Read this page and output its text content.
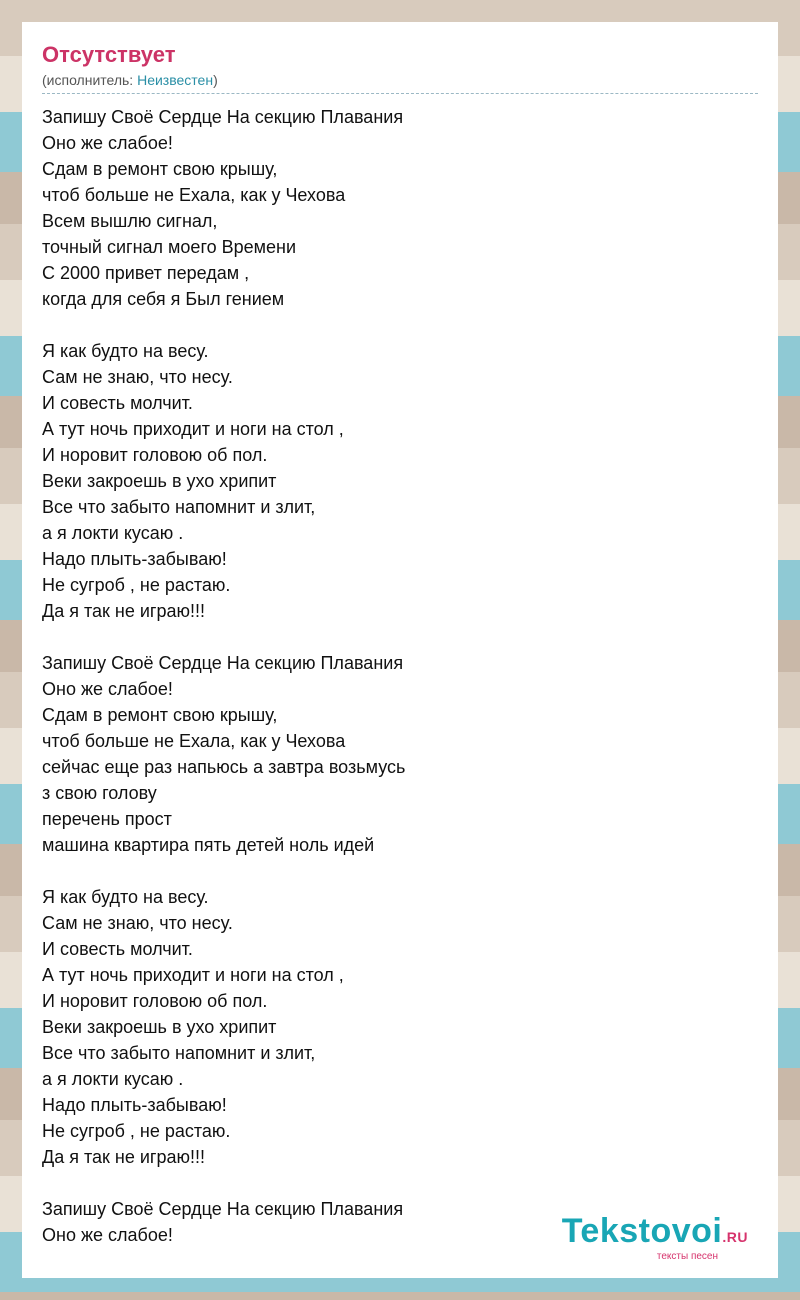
Отсутствует
(исполнитель: Неизвестен)
Запишу Своё Сердце На секцию Плавания
Оно же слабое!
Сдам в ремонт свою крышу,
чтоб больше не Ехала, как у Чехова
Всем вышлю сигнал,
точный сигнал моего Времени
С 2000 привет передам ,
когда для себя я Был гением
Я как будто на весу.
Сам не знаю, что несу.
И совесть молчит.
А тут ночь приходит и ноги на стол ,
И норовит головою об пол.
Веки закроешь в ухо хрипит
Все что забыто напомнит и злит,
а я локти кусаю .
Надо плыть-забываю!
Не сугроб , не растаю.
Да я так не играю!!!
Запишу Своё Сердце На секцию Плавания
Оно же слабое!
Сдам в ремонт свою крышу,
чтоб больше не Ехала, как у Чехова
сейчас еще раз напьюсь а завтра возьмусь
з свою голову
перечень прост
машина квартира пять детей ноль идей
Я как будто на весу.
Сам не знаю, что несу.
И совесть молчит.
А тут ночь приходит и ноги на стол ,
И норовит головою об пол.
Веки закроешь в ухо хрипит
Все что забыто напомнит и злит,
а я локти кусаю .
Надо плыть-забываю!
Не сугроб , не растаю.
Да я так не играю!!!
Запишу Своё Сердце На секцию Плавания
Оно же слабое!	Tekstovoi.RU
тексты песен
